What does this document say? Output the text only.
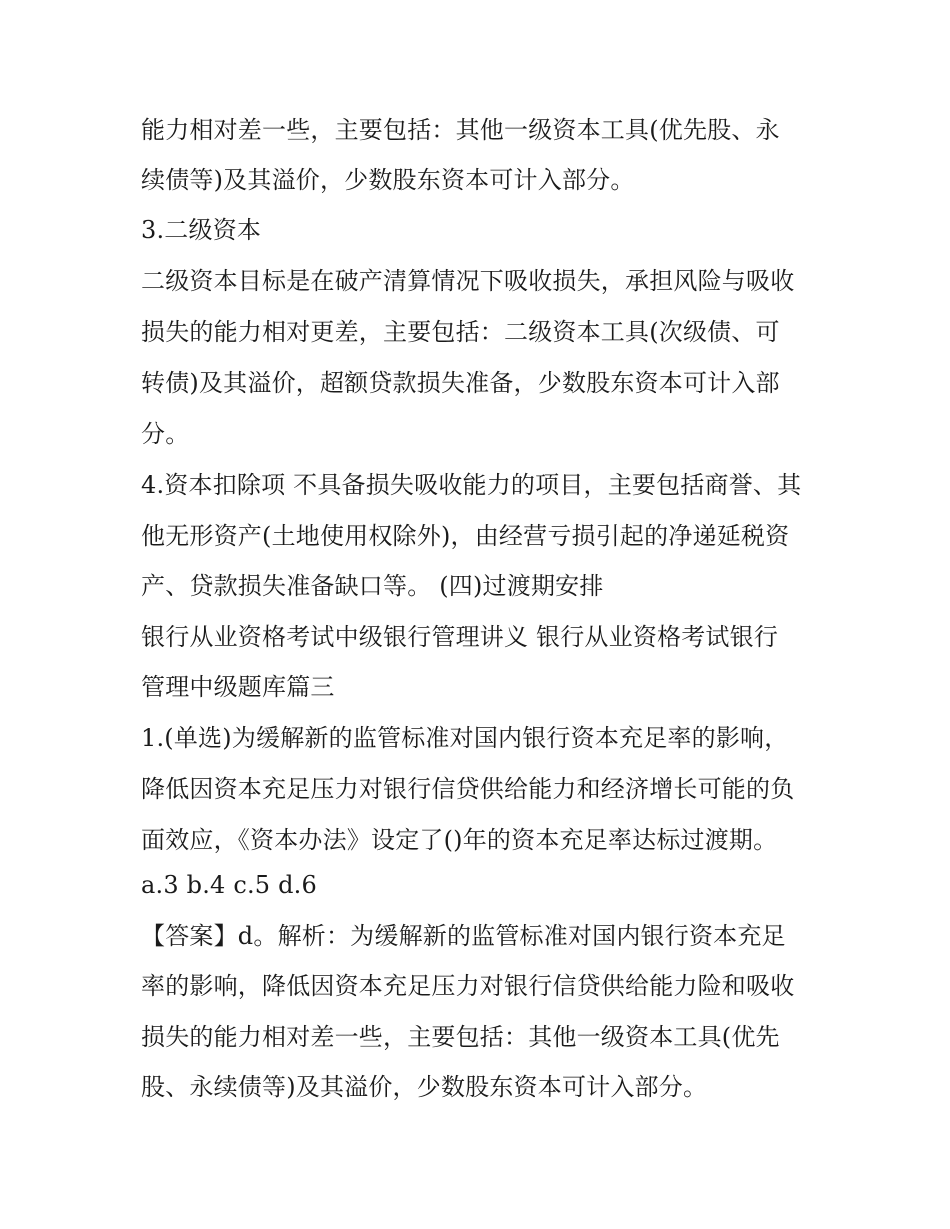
能力相对差一些，主要包括：其他一级资本工具(优先股、永
续债等)及其溢价，少数股东资本可计入部分。
3.二级资本
二级资本目标是在破产清算情况下吸收损失，承担风险与吸收
损失的能力相对更差，主要包括：二级资本工具(次级债、可
转债)及其溢价，超额贷款损失准备，少数股东资本可计入部
分。
4.资本扣除项 不具备损失吸收能力的项目，主要包括商誉、其
他无形资产(土地使用权除外)，由经营亏损引起的净递延税资
产、贷款损失准备缺口等。 (四)过渡期安排
银行从业资格考试中级银行管理讲义 银行从业资格考试银行
管理中级题库篇三
1.(单选)为缓解新的监管标准对国内银行资本充足率的影响，
降低因资本充足压力对银行信贷供给能力和经济增长可能的负
面效应，《资本办法》设定了()年的资本充足率达标过渡期。
a.3 b.4 c.5 d.6
【答案】d。解析：为缓解新的监管标准对国内银行资本充足
率的影响，降低因资本充足压力对银行信贷供给能力险和吸收
损失的能力相对差一些，主要包括：其他一级资本工具(优先
股、永续债等)及其溢价，少数股东资本可计入部分。
